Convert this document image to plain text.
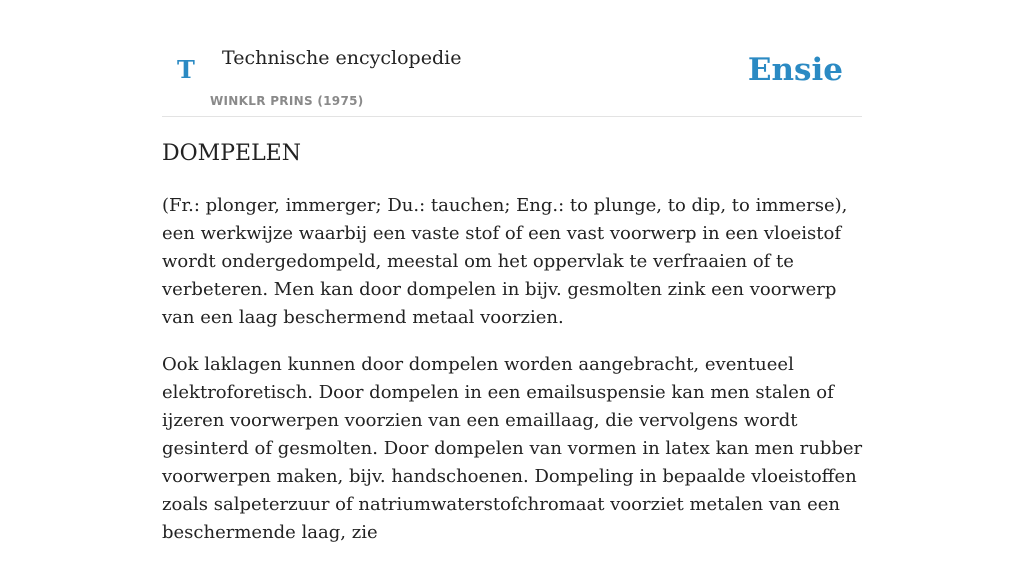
T Technische encyclopedie
WINKLR PRINS (1975)
Ensie
DOMPELEN

(Fr.: plonger, immerger; Du.: tauchen; Eng.: to plunge, to dip, to immerse), een werkwijze waarbij een vaste stof of een vast voorwerp in een vloeistof wordt ondergedompeld, meestal om het oppervlak te verfraaien of te verbeteren. Men kan door dompelen in bijv. gesmolten zink een voorwerp van een laag beschermend metaal voorzien.

Ook laklagen kunnen door dompelen worden aangebracht, eventueel elektroforetisch. Door dompelen in een emailsuspensie kan men stalen of ijzeren voorwerpen voorzien van een emaillaag, die vervolgens wordt gesinterd of gesmolten. Door dompelen van vormen in latex kan men rubber voorwerpen maken, bijv. handschoenen. Dompeling in bepaalde vloeistoffen zoals salpeterzuur of natriumwaterstofchromaat voorziet metalen van een beschermende laag, zie
